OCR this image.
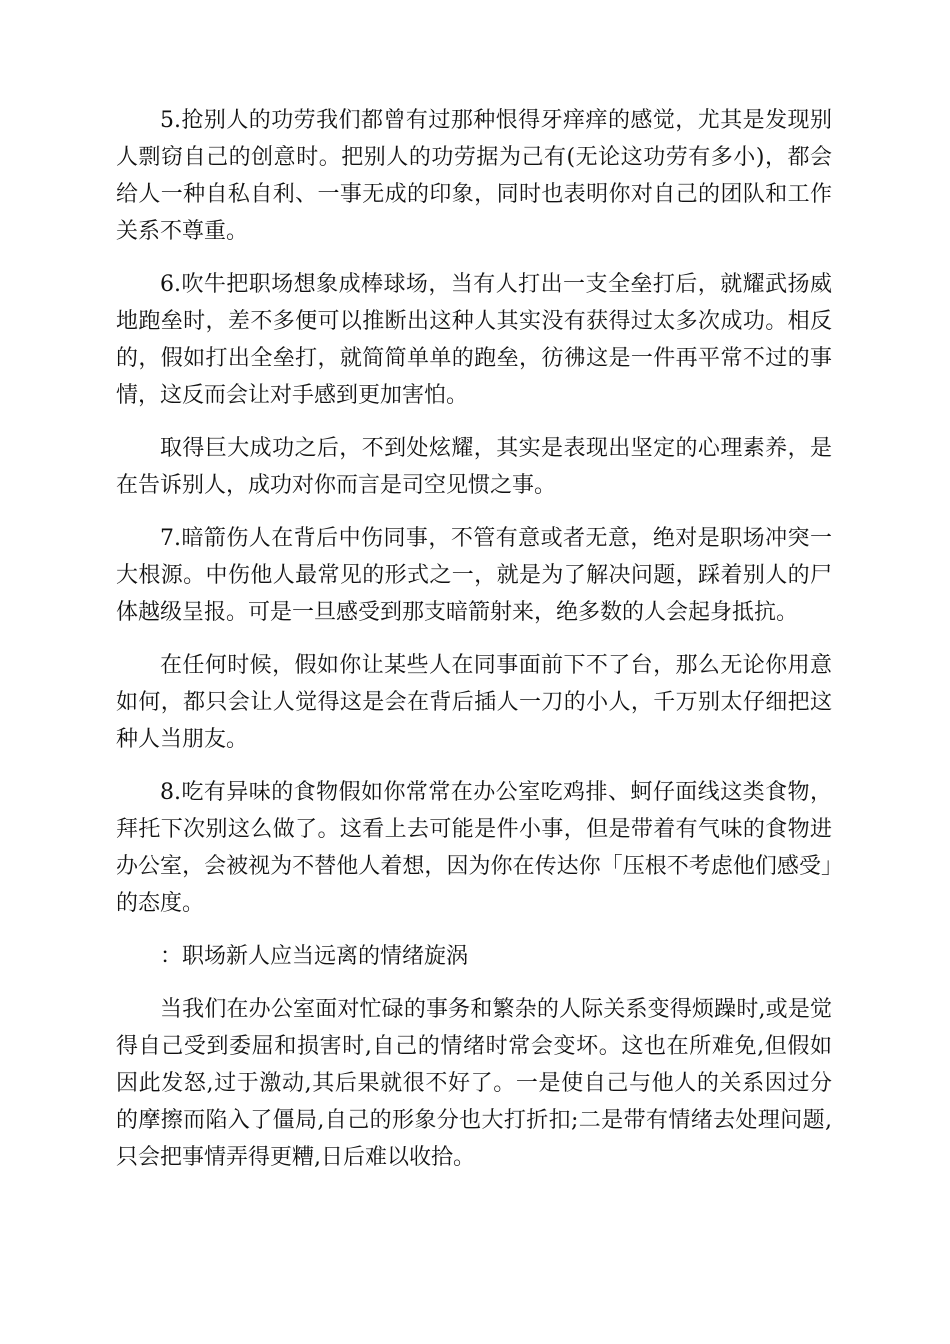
5.抢别人的功劳我们都曾有过那种恨得牙痒痒的感觉，尤其是发现别人剽窃自己的创意时。把别人的功劳据为己有(无论这功劳有多小)，都会给人一种自私自利、一事无成的印象，同时也表明你对自己的团队和工作关系不尊重。

6.吹牛把职场想象成棒球场，当有人打出一支全垒打后，就耀武扬威地跑垒时，差不多便可以推断出这种人其实没有获得过太多次成功。相反的，假如打出全垒打，就简简单单的跑垒，彷彿这是一件再平常不过的事情，这反而会让对手感到更加害怕。

取得巨大成功之后，不到处炫耀，其实是表现出坚定的心理素养，是在告诉别人，成功对你而言是司空见惯之事。

7.暗箭伤人在背后中伤同事，不管有意或者无意，绝对是职场冲突一大根源。中伤他人最常见的形式之一，就是为了解决问题，踩着别人的尸体越级呈报。可是一旦感受到那支暗箭射来，绝多数的人会起身抵抗。

在任何时候，假如你让某些人在同事面前下不了台，那么无论你用意如何，都只会让人觉得这是会在背后插人一刀的小人，千万别太仔细把这种人当朋友。

8.吃有异味的食物假如你常常在办公室吃鸡排、蚵仔面线这类食物，拜托下次别这么做了。这看上去可能是件小事，但是带着有气味的食物进办公室，会被视为不替他人着想，因为你在传达你「压根不考虑他们感受」的态度。

：职场新人应当远离的情绪旋涡

当我们在办公室面对忙碌的事务和繁杂的人际关系变得烦躁时,或是觉得自己受到委屈和损害时,自己的情绪时常会变坏。这也在所难免,但假如因此发怒,过于激动,其后果就很不好了。一是使自己与他人的关系因过分的摩擦而陷入了僵局,自己的形象分也大打折扣;二是带有情绪去处理问题,只会把事情弄得更糟,日后难以收拾。
